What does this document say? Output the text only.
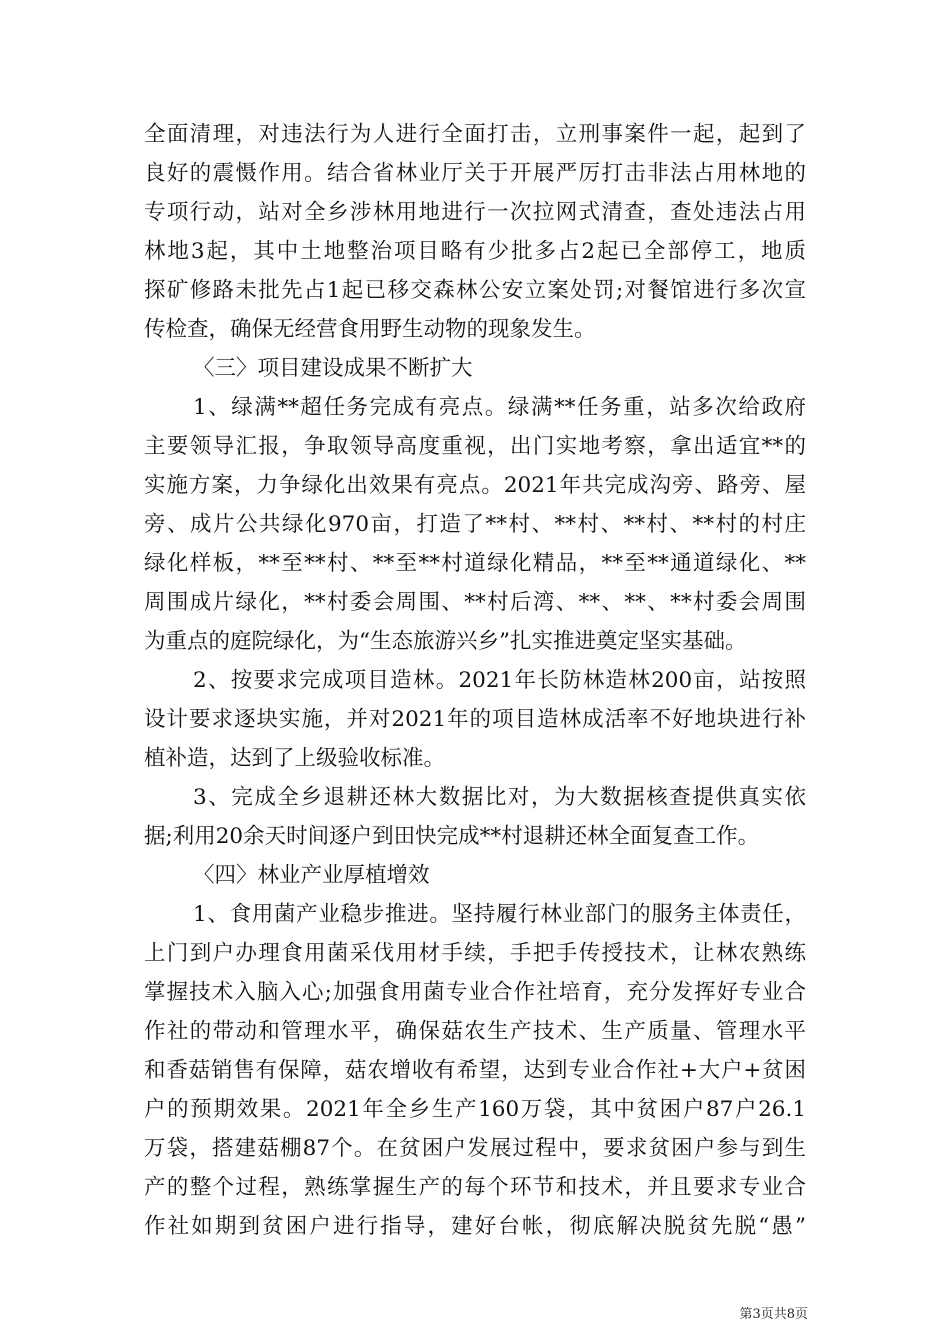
全面清理，对违法行为人进行全面打击，立刑事案件一起，起到了
良好的震慑作用。结合省林业厅关于开展严厉打击非法占用林地的
专项行动，站对全乡涉林用地进行一次拉网式清查，查处违法占用
林地3起，其中土地整治项目略有少批多占2起已全部停工，地质
探矿修路未批先占1起已移交森林公安立案处罚;对餐馆进行多次宣
传检查，确保无经营食用野生动物的现象发生。
〈三〉项目建设成果不断扩大
1、绿满**超任务完成有亮点。绿满**任务重，站多次给政府
主要领导汇报，争取领导高度重视，出门实地考察，拿出适宜**的
实施方案，力争绿化出效果有亮点。2021年共完成沟旁、路旁、屋
旁、成片公共绿化970亩，打造了**村、**村、**村、**村的村庄
绿化样板，**至**村、**至**村道绿化精品，**至**通道绿化、**
周围成片绿化，**村委会周围、**村后湾、**、**、**村委会周围
为重点的庭院绿化，为“生态旅游兴乡”扎实推进奠定坚实基础。
2、按要求完成项目造林。2021年长防林造林200亩，站按照
设计要求逐块实施，并对2021年的项目造林成活率不好地块进行补
植补造，达到了上级验收标准。
3、完成全乡退耕还林大数据比对，为大数据核查提供真实依
据;利用20余天时间逐户到田快完成**村退耕还林全面复查工作。
〈四〉林业产业厚植增效
1、食用菌产业稳步推进。坚持履行林业部门的服务主体责任，
上门到户办理食用菌采伐用材手续，手把手传授技术，让林农熟练
掌握技术入脑入心;加强食用菌专业合作社培育，充分发挥好专业合
作社的带动和管理水平，确保菇农生产技术、生产质量、管理水平
和香菇销售有保障，菇农增收有希望，达到专业合作社+大户+贫困
户的预期效果。2021年全乡生产160万袋，其中贫困户87户26.1
万袋，搭建菇棚87个。在贫困户发展过程中，要求贫困户参与到生
产的整个过程，熟练掌握生产的每个环节和技术，并且要求专业合
作社如期到贫困户进行指导，建好台帐，彻底解决脱贫先脱“愚”
第3页共8页
